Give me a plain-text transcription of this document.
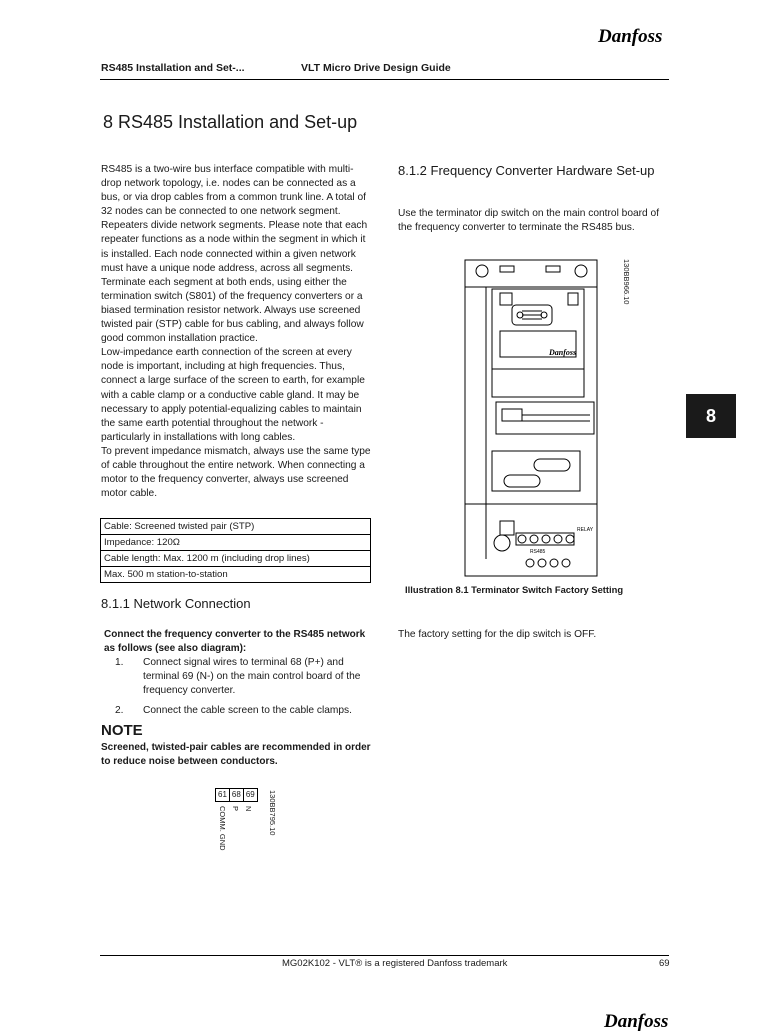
Danfoss
RS485 Installation and Set-...	VLT Micro Drive Design Guide
8 RS485 Installation and Set-up

RS485 is a two-wire bus interface compatible with multi-drop network topology, i.e. nodes can be connected as a bus, or via drop cables from a common trunk line. A total of 32 nodes can be connected to one network segment. Repeaters divide network segments. Please note that each repeater functions as a node within the segment in which it is installed. Each node connected within a given network must have a unique node address, across all segments. Terminate each segment at both ends, using either the termination switch (S801) of the frequency converters or a biased termination resistor network. Always use screened twisted pair (STP) cable for bus cabling, and always follow good common installation practice.

Low-impedance earth connection of the screen at every node is important, including at high frequencies. Thus, connect a large surface of the screen to earth, for example with a cable clamp or a conductive cable gland. It may be necessary to apply potential-equalizing cables to maintain the same earth potential throughout the network - particularly in installations with long cables.

To prevent impedance mismatch, always use the same type of cable throughout the entire network. When connecting a motor to the frequency converter, always use screened motor cable.

Cable: Screened twisted pair (STP)
Impedance: 120Ω
Cable length: Max. 1200 m (including drop lines)
Max. 500 m station-to-station
8.1.1 Network Connection
Connect the frequency converter to the RS485 network as follows (see also diagram):
1. Connect signal wires to terminal 68 (P+) and terminal 69 (N-) on the main control board of the frequency converter.
2. Connect the cable screen to the cable clamps.
NOTE
Screened, twisted-pair cables are recommended in order to reduce noise between conductors.
61	68	69
COMM. GND P N 130BB795.10
8.1.2 Frequency Converter Hardware Set-up
Use the terminator dip switch on the main control board of the frequency converter to terminate the RS485 bus.
Danfoss
RELAY
RS485
130BB966.10
Illustration 8.1 Terminator Switch Factory Setting
The factory setting for the dip switch is OFF.
8
MG02K102 - VLT® is a registered Danfoss trademark	69
Danfoss
